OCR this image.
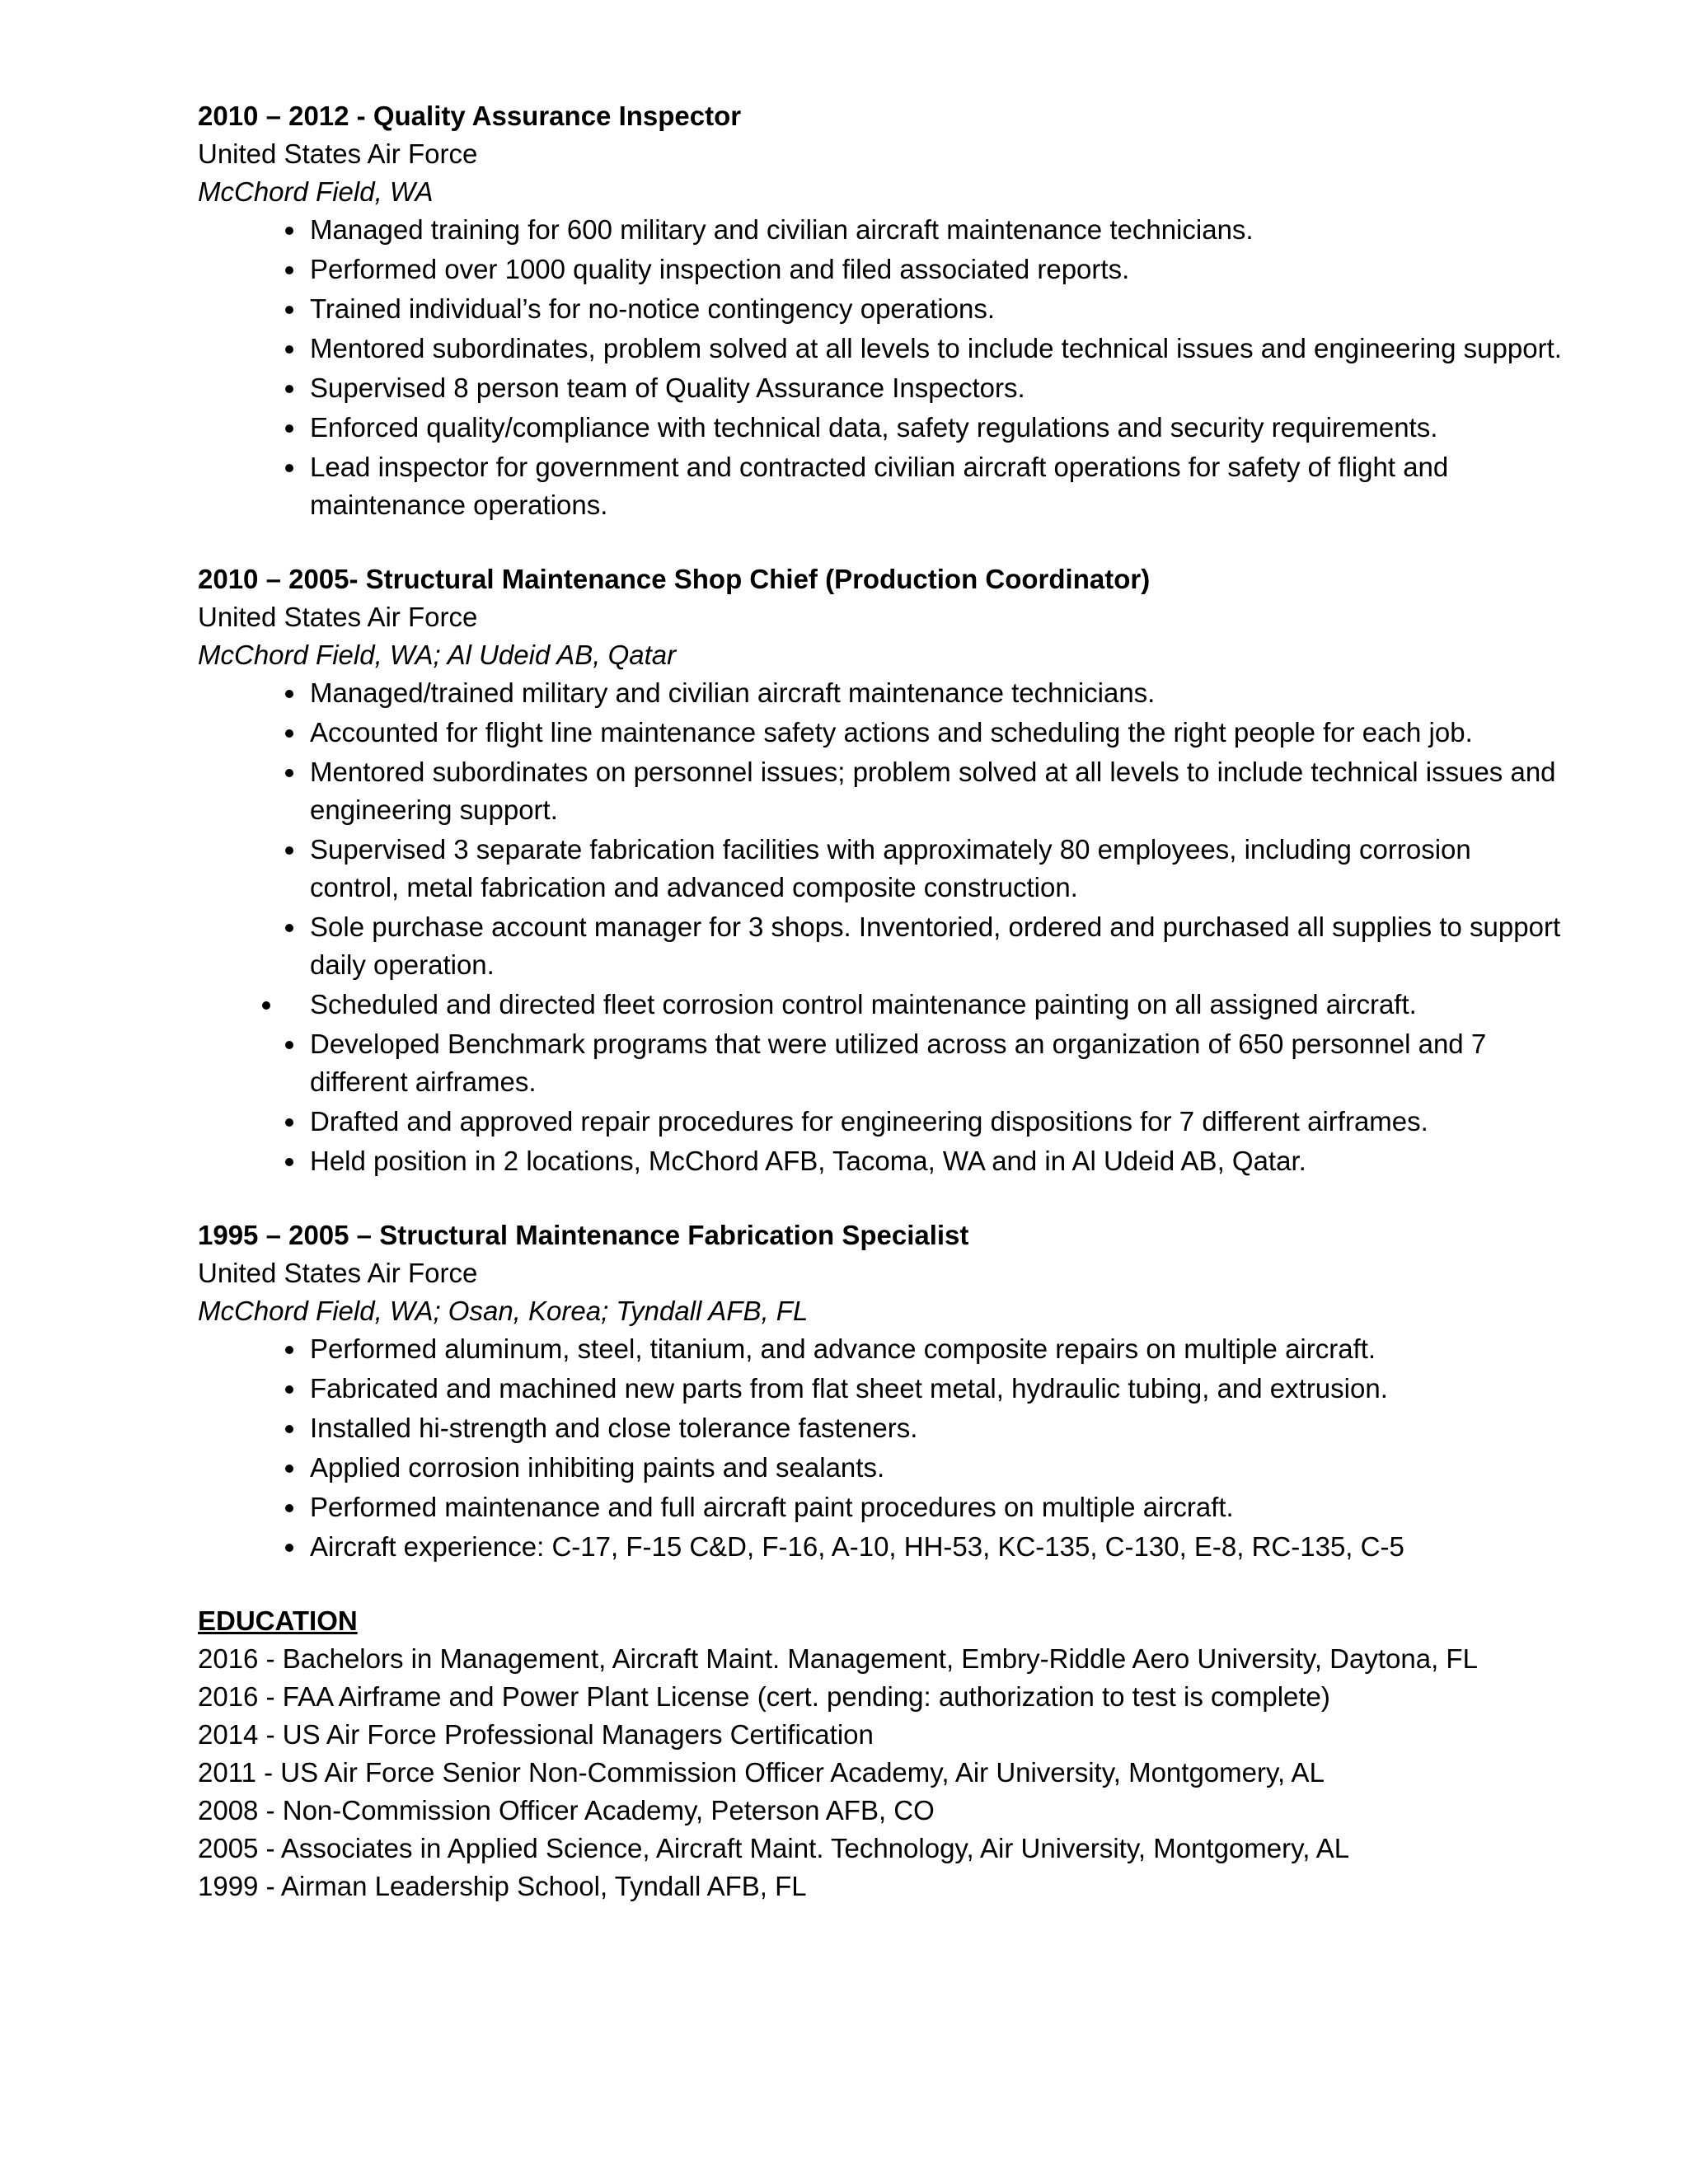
2010 – 2012 - Quality Assurance Inspector
United States Air Force
McChord Field, WA
Managed training for 600 military and civilian aircraft maintenance technicians.
Performed over 1000 quality inspection and filed associated reports.
Trained individual’s for no-notice contingency operations.
Mentored subordinates, problem solved at all levels to include technical issues and engineering support.
Supervised 8 person team of Quality Assurance Inspectors.
Enforced quality/compliance with technical data, safety regulations and security requirements.
Lead inspector for government and contracted civilian aircraft operations for safety of flight and maintenance operations.
2010 – 2005- Structural Maintenance Shop Chief (Production Coordinator)
United States Air Force
McChord Field, WA; Al Udeid AB, Qatar
Managed/trained military and civilian aircraft maintenance technicians.
Accounted for flight line maintenance safety actions and scheduling the right people for each job.
Mentored subordinates on personnel issues; problem solved at all levels to include technical issues and engineering support.
Supervised 3 separate fabrication facilities with approximately 80 employees, including corrosion control, metal fabrication and advanced composite construction.
Sole purchase account manager for 3 shops. Inventoried, ordered and purchased all supplies to support daily operation.
Scheduled and directed fleet corrosion control maintenance painting on all assigned aircraft.
Developed Benchmark programs that were utilized across an organization of 650 personnel and 7 different airframes.
Drafted and approved repair procedures for engineering dispositions for 7 different airframes.
Held position in 2 locations, McChord AFB, Tacoma, WA and in Al Udeid AB, Qatar.
1995 – 2005 – Structural Maintenance Fabrication Specialist
United States Air Force
McChord Field, WA; Osan, Korea; Tyndall AFB, FL
Performed aluminum, steel, titanium, and advance composite repairs on multiple aircraft.
Fabricated and machined new parts from flat sheet metal, hydraulic tubing, and extrusion.
Installed hi-strength and close tolerance fasteners.
Applied corrosion inhibiting paints and sealants.
Performed maintenance and full aircraft paint procedures on multiple aircraft.
Aircraft experience: C-17, F-15 C&D, F-16, A-10, HH-53, KC-135, C-130, E-8, RC-135, C-5
EDUCATION
2016 - Bachelors in Management, Aircraft Maint. Management, Embry-Riddle Aero University, Daytona, FL
2016 - FAA Airframe and Power Plant License (cert. pending: authorization to test is complete)
2014 - US Air Force Professional Managers Certification
2011 - US Air Force Senior Non-Commission Officer Academy, Air University, Montgomery, AL
2008 - Non-Commission Officer Academy, Peterson AFB, CO
2005 - Associates in Applied Science, Aircraft Maint. Technology, Air University, Montgomery, AL
1999 - Airman Leadership School, Tyndall AFB, FL
